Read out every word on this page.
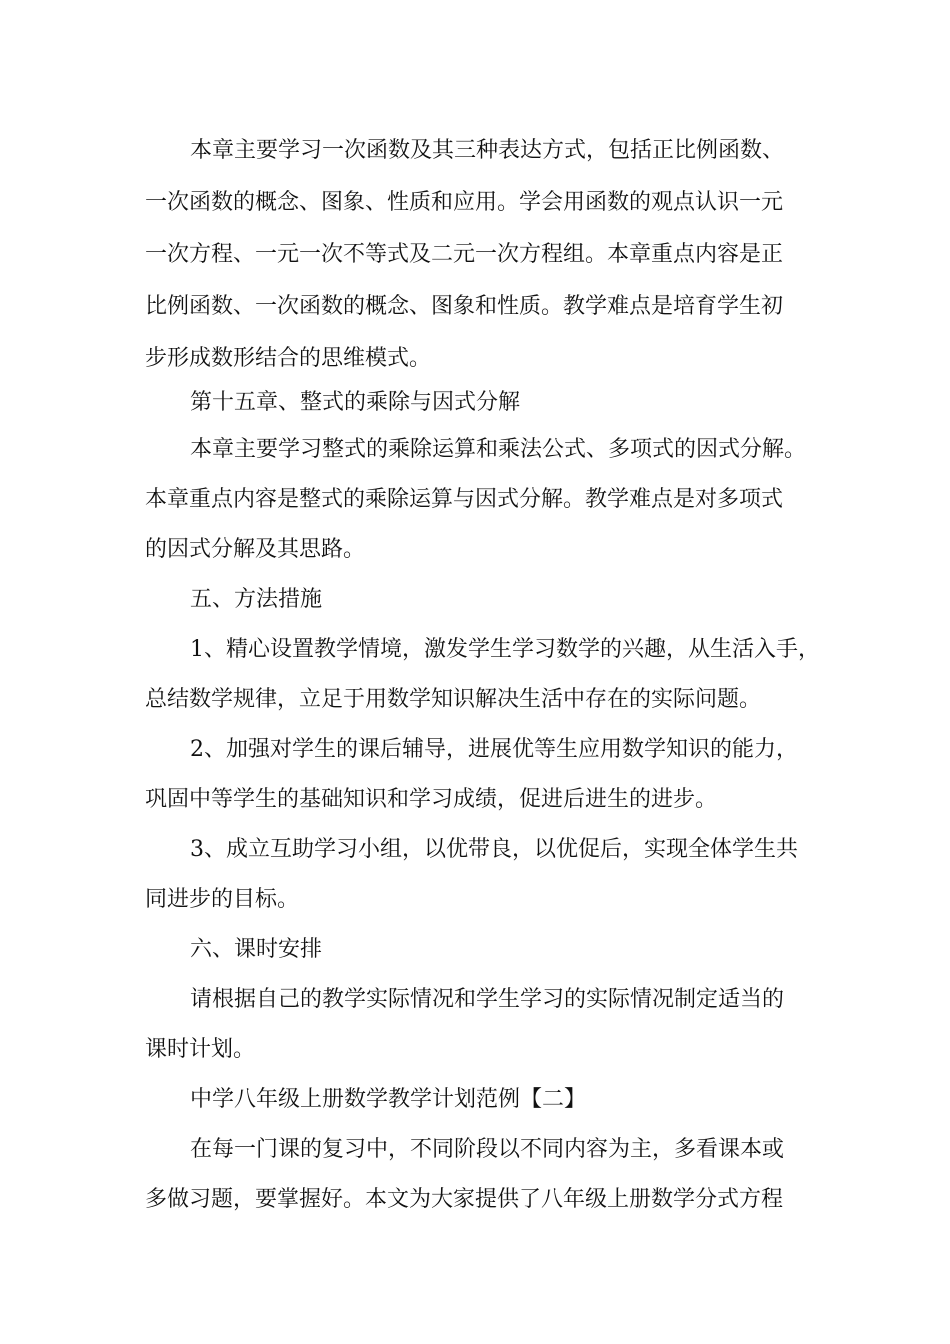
本章主要学习一次函数及其三种表达方式，包括正比例函数、
一次函数的概念、图象、性质和应用。学会用函数的观点认识一元
一次方程、一元一次不等式及二元一次方程组。本章重点内容是正
比例函数、一次函数的概念、图象和性质。教学难点是培育学生初
步形成数形结合的思维模式。
第十五章、整式的乘除与因式分解
本章主要学习整式的乘除运算和乘法公式、多项式的因式分解。
本章重点内容是整式的乘除运算与因式分解。教学难点是对多项式
的因式分解及其思路。
五、方法措施
1、精心设置教学情境，激发学生学习数学的兴趣，从生活入手，
总结数学规律，立足于用数学知识解决生活中存在的实际问题。
2、加强对学生的课后辅导，进展优等生应用数学知识的能力，
巩固中等学生的基础知识和学习成绩，促进后进生的进步。
3、成立互助学习小组，以优带良，以优促后，实现全体学生共
同进步的目标。
六、课时安排
请根据自己的教学实际情况和学生学习的实际情况制定适当的
课时计划。
中学八年级上册数学教学计划范例【二】
在每一门课的复习中，不同阶段以不同内容为主，多看课本或
多做习题，要掌握好。本文为大家提供了八年级上册数学分式方程
